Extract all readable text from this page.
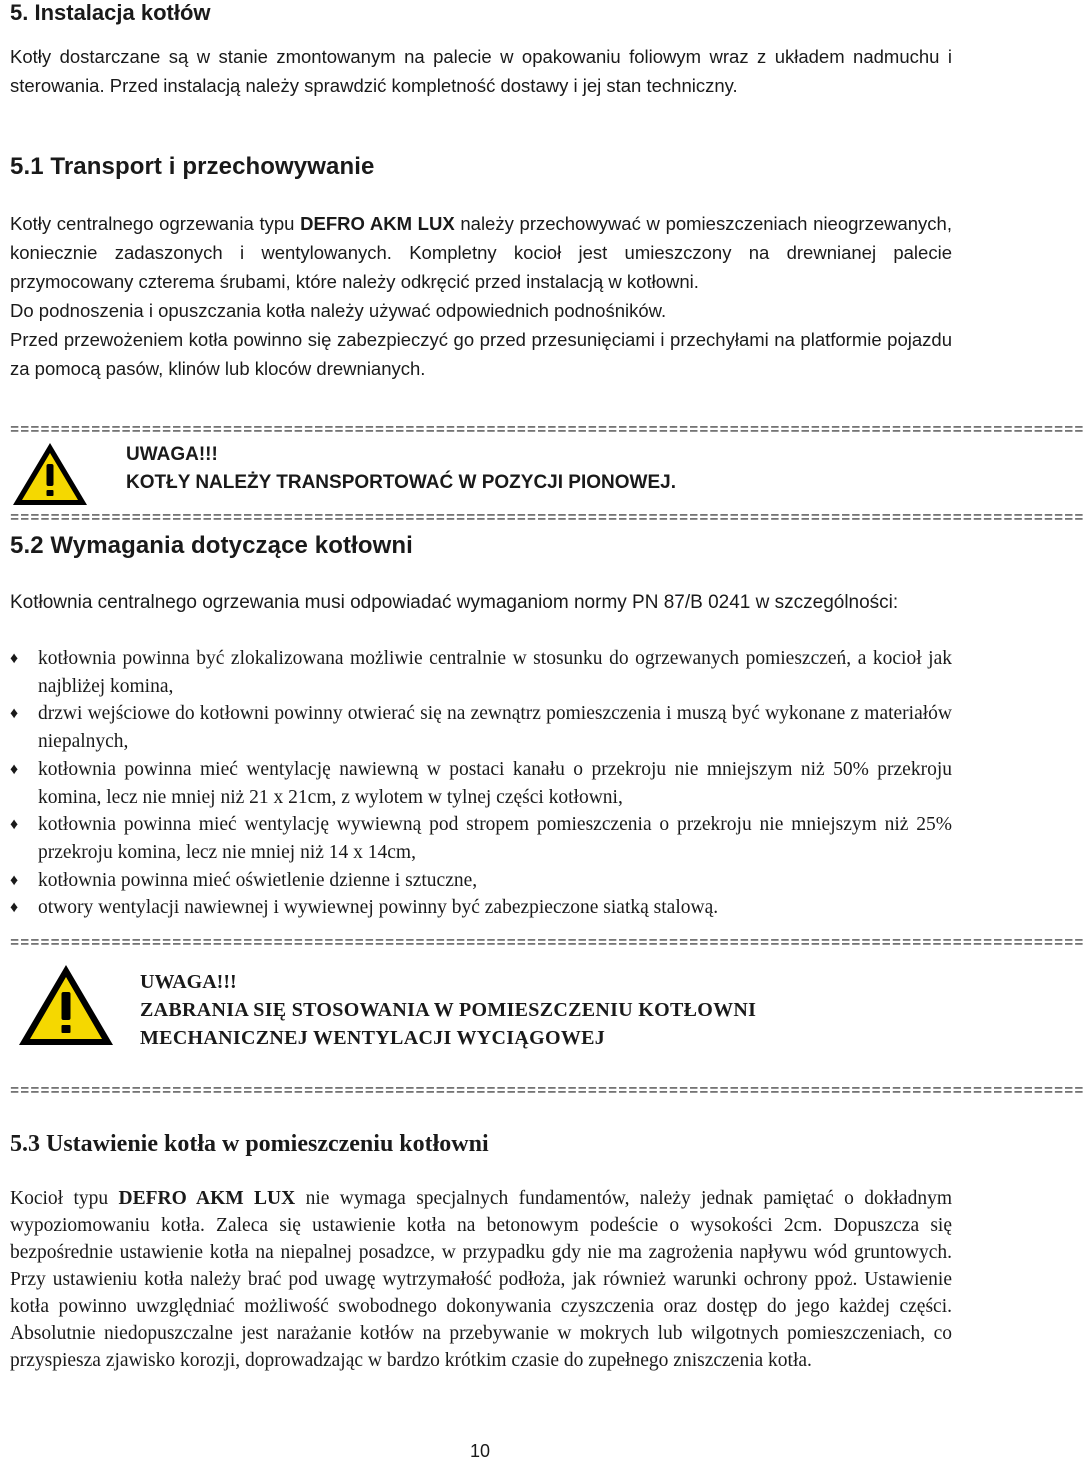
5. Instalacja kotłów

Kotły dostarczane są w stanie zmontowanym na palecie w opakowaniu foliowym wraz z układem nadmuchu i sterowania. Przed instalacją należy sprawdzić kompletność dostawy i jej stan techniczny.

5.1 Transport i przechowywanie

Kotły centralnego ogrzewania typu DEFRO AKM LUX należy przechowywać w pomieszczeniach nieogrzewanych, koniecznie zadaszonych i wentylowanych. Kompletny kocioł jest umieszczony na drewnianej palecie przymocowany czterema śrubami, które należy odkręcić przed instalacją w kotłowni.

Do podnoszenia i opuszczania kotła należy używać odpowiednich podnośników.

Przed przewożeniem kotła powinno się zabezpieczyć go przed przesunięciami i przechyłami na platformie pojazdu za pomocą pasów, klinów lub kloców drewnianych.

==========================================================================================================

UWAGA!!!

KOTŁY NALEŻY TRANSPORTOWAĆ W POZYCJI PIONOWEJ.

==========================================================================================================
5.2 Wymagania dotyczące kotłowni

Kotłownia centralnego ogrzewania musi odpowiadać wymaganiom normy PN 87/B 0241 w szczególności:

♦ kotłownia powinna być zlokalizowana możliwie centralnie w stosunku do ogrzewanych pomieszczeń, a kocioł jak najbliżej komina,
♦ drzwi wejściowe do kotłowni powinny otwierać się na zewnątrz pomieszczenia i muszą być wykonane z materiałów niepalnych,
♦ kotłownia powinna mieć wentylację nawiewną w postaci kanału o przekroju nie mniejszym niż 50% przekroju komina, lecz nie mniej niż 21 x 21cm, z wylotem w tylnej części kotłowni,
♦ kotłownia powinna mieć wentylację wywiewną pod stropem pomieszczenia o przekroju nie mniejszym niż 25% przekroju komina, lecz nie mniej niż 14 x 14cm,
♦ kotłownia powinna mieć oświetlenie dzienne i sztuczne,
♦ otwory wentylacji nawiewnej i wywiewnej powinny być zabezpieczone siatką stalową.
==========================================================================================================

UWAGA!!!

ZABRANIA SIĘ STOSOWANIA W POMIESZCZENIU KOTŁOWNI

MECHANICZNEJ WENTYLACJI WYCIĄGOWEJ

==========================================================================================================
5.3 Ustawienie kotła w pomieszczeniu kotłowni

Kocioł typu DEFRO AKM LUX nie wymaga specjalnych fundamentów, należy jednak pamiętać o dokładnym wypoziomowaniu kotła. Zaleca się ustawienie kotła na betonowym podeście o wysokości 2cm. Dopuszcza się bezpośrednie ustawienie kotła na niepalnej posadzce, w przypadku gdy nie ma zagrożenia napływu wód gruntowych. Przy ustawieniu kotła należy brać pod uwagę wytrzymałość podłoża, jak również warunki ochrony ppoż. Ustawienie kotła powinno uwzględniać możliwość swobodnego dokonywania czyszczenia oraz dostęp do jego każdej części. Absolutnie niedopuszczalne jest narażanie kotłów na przebywanie w mokrych lub wilgotnych pomieszczeniach, co przyspiesza zjawisko korozji, doprowadzając w bardzo krótkim czasie do zupełnego zniszczenia kotła.

10
